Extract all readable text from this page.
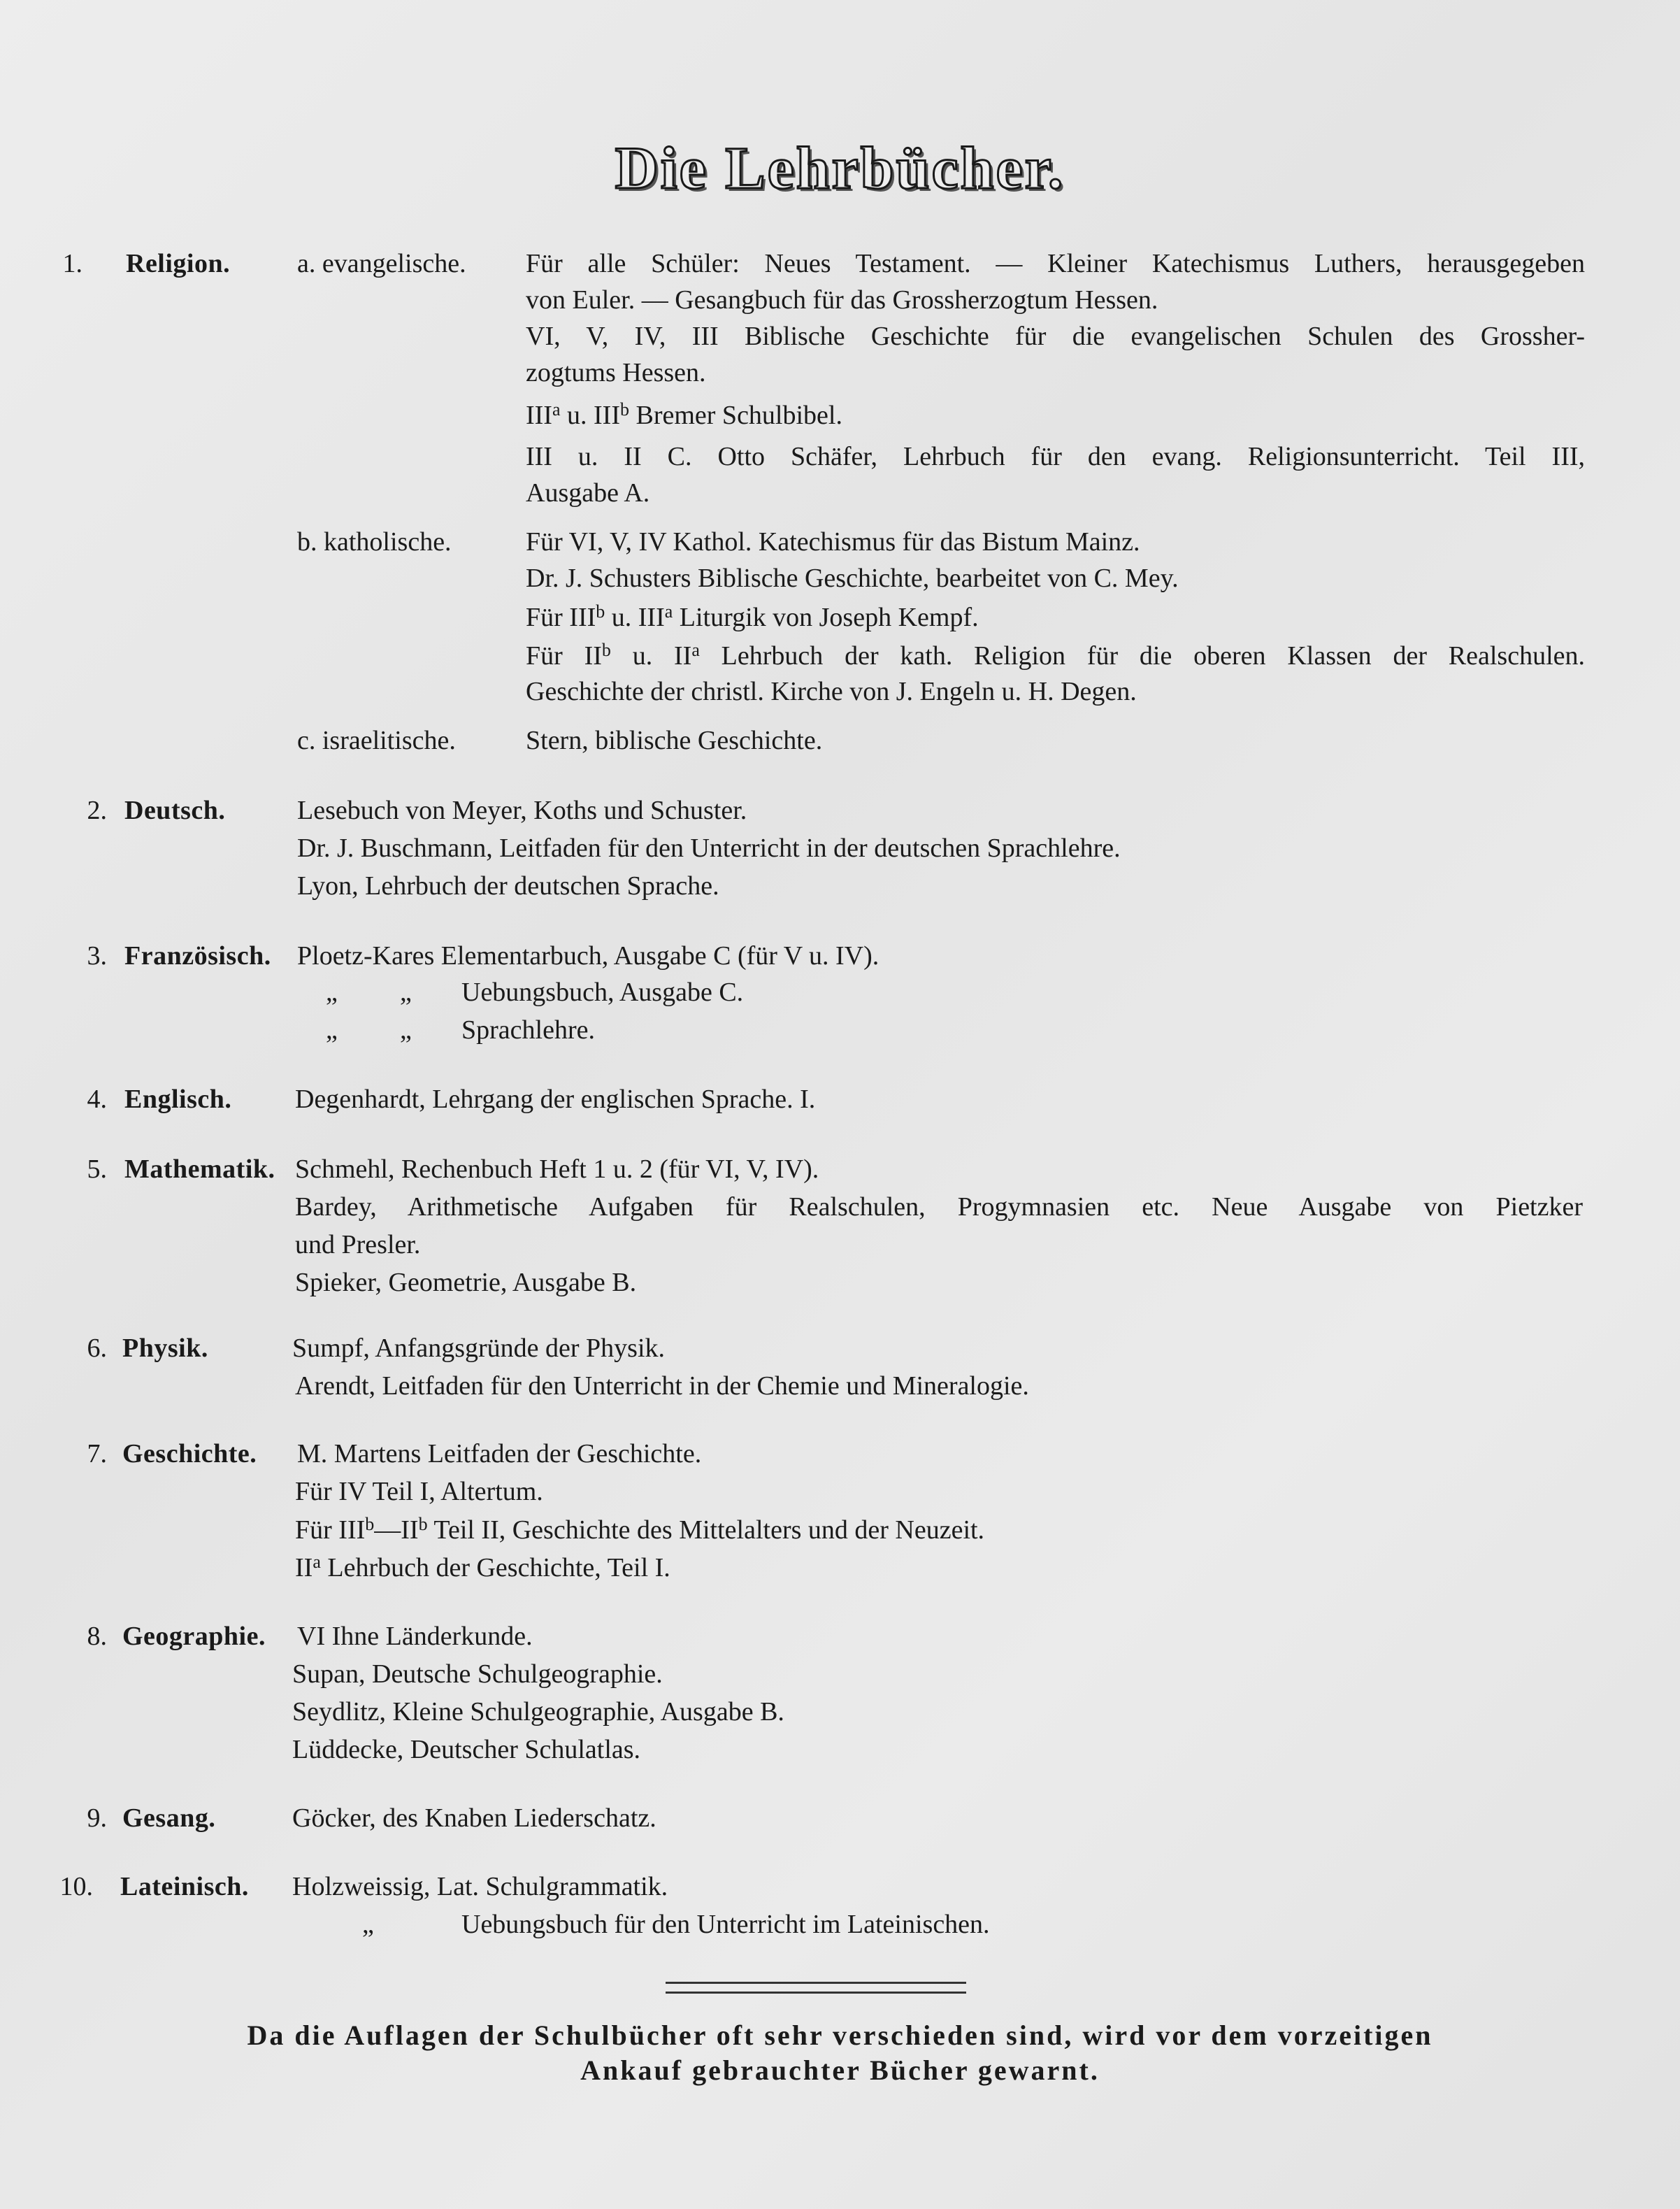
Die Lehrbücher.
1. Religion.	a. evangelische. Für alle Schüler: Neues Testament. — Kleiner Katechismus Luthers, herausgegeben
von Euler. — Gesangbuch für das Grossherzogtum Hessen.
VI, V, IV, III Biblische Geschichte für die evangelischen Schulen des Grossher-
zogtums Hessen.
III$^a$ u. III$^b$ Bremer Schulbibel.
III u. II C. Otto Schäfer, Lehrbuch für den evang. Religionsunterricht. Teil III,
Ausgabe A.
b. katholische.	Für VI, V, IV Kathol. Katechismus für das Bistum Mainz.
Dr. J. Schusters Biblische Geschichte, bearbeitet von C. Mey.
Für III$^b$ u. III$^a$ Liturgik von Joseph Kempf.
Für $II^b$ u. $II^a$ Lehrbuch der kath. Religion für die oberen Klassen der Realschulen.
Geschichte der christl. Kirche von J. Engeln u. H. Degen.
c. israelitische.	Stern, biblische Geschichte.
2. Deutsch.	Lesebuch von Meyer, Koths und Schuster.
Dr. J. Buschmann, Leitfaden für den Unterricht in der deutschen Sprachlehre.
Lyon, Lehrbuch der deutschen Sprache.
3. Französisch. Ploetz-Kares Elementarbuch, Ausgabe C (für V u. IV).
„ „ Uebungsbuch, Ausgabe C.
„ „ Sprachlehre.
4. Englisch. Degenhardt, Lehrgang der englischen Sprache. I.
5. Mathematik. Schmehl, Rechenbuch Heft 1 u. 2 (für VI, V, IV).
Bardey, Arithmetische Aufgaben für Realschulen, Progymnasien etc. Neue Ausgabe von Pietzker
und Presler.
Spieker, Geometrie, Ausgabe B.
6. Physik.	Sumpf, Anfangsgründe der Physik.
Arendt, Leitfaden für den Unterricht in der Chemie und Mineralogie.
7. Geschichte. M. Martens Leitfaden der Geschichte.
Für IV Teil I, Altertum.
Für $III^b—II^b$ Teil II, Geschichte des Mittelalters und der Neuzeit.
$II^a$ Lehrbuch der Geschichte, Teil I.
8. Geographie. VI Ihne Länderkunde.
Supan, Deutsche Schulgeographie.
Seydlitz, Kleine Schulgeographie, Ausgabe B.
Lüddecke, Deutscher Schulatlas.
9. Gesang.	Göcker, des Knaben Liederschatz.
10. Lateinisch. Holzweissig, Lat. Schulgrammatik.
„	Uebungsbuch für den Unterricht im Lateinischen.
Da die Auflagen der Schulbücher oft sehr verschieden sind, wird vor dem vorzeitigen
Ankauf gebrauchter Bücher gewarnt.
